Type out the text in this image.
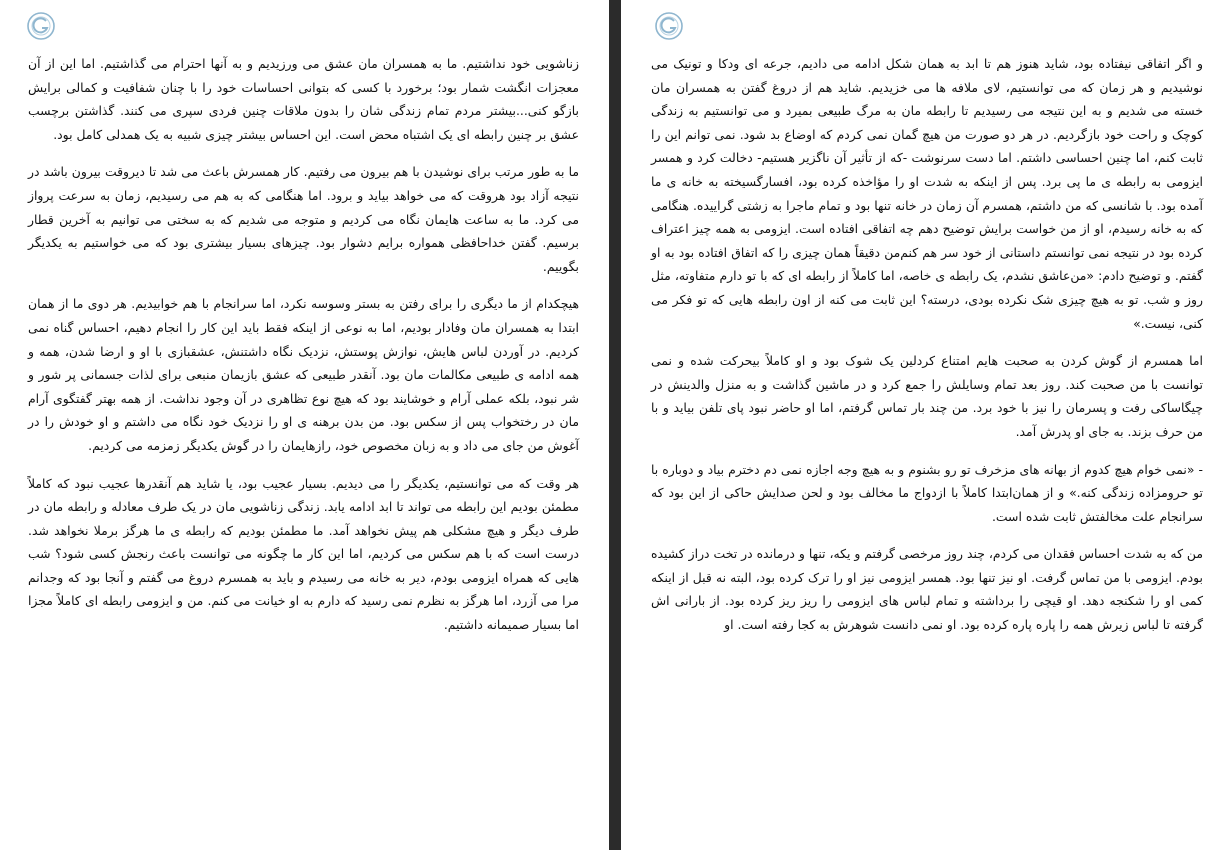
زناشویی خود نداشتیم. ما به همسران مان عشق می ورزیدیم و به آنها احترام می گذاشتیم. اما این از آن معجزات انگشت شمار بود؛ برخورد با کسی که بتوانی احساسات خود را با چنان شفافیت و کمالی برایش بازگو کنی...بیشتر مردم تمام زندگی شان را بدون ملاقات چنین فردی سپری می کنند. گذاشتن برچسب عشق بر چنین رابطه ای یک اشتباه محض است. این احساس بیشتر چیزی شبیه به یک همدلی کامل بود.

ما به طور مرتب برای نوشیدن با هم بیرون می رفتیم. کار همسرش باعث می شد تا دیروقت بیرون باشد در نتیجه آزاد بود هروقت که می خواهد بیاید و برود. اما هنگامی که به هم می رسیدیم، زمان به سرعت پرواز می کرد. ما به ساعت هایمان نگاه می کردیم و متوجه می شدیم که به سختی می توانیم به آخرین قطار برسیم. گفتن خداحافظی همواره برایم دشوار بود. چیزهای بسیار بیشتری بود که می خواستیم به یکدیگر بگوییم.

هیچکدام از ما دیگری را برای رفتن به بستر وسوسه نکرد، اما سرانجام با هم خوابیدیم. هر دوی ما از همان ابتدا به همسران مان وفادار بودیم، اما به نوعی از اینکه فقط باید این کار را انجام دهیم، احساس گناه نمی کردیم. در آوردن لباس هایش، نوازش پوستش، نزدیک نگاه داشتنش، عشقبازی با او و ارضا شدن، همه و همه ادامه ی طبیعی مکالمات مان بود. آنقدر طبیعی که عشق بازیمان منبعی برای لذات جسمانی پر شور و شر نبود، بلکه عملی آرام و خوشایند بود که هیچ نوع تظاهری در آن وجود نداشت. از همه بهتر گفتگوی آرام مان در رختخواب پس از سکس بود. من بدن برهنه ی او را نزدیک خود نگاه می داشتم و او خودش را در آغوش من جای می داد و به زبان مخصوص خود، رازهایمان را در گوش یکدیگر زمزمه می کردیم.

هر وقت که می توانستیم، یکدیگر را می دیدیم. بسیار عجیب بود، یا شاید هم آنقدرها عجیب نبود که کاملاً مطمئن بودیم این رابطه می تواند تا ابد ادامه یابد. زندگی زناشویی مان در یک طرف معادله و رابطه مان در طرف دیگر و هیچ مشکلی هم پیش نخواهد آمد. ما مطمئن بودیم که رابطه ی ما هرگز برملا نخواهد شد. درست است که با هم سکس می کردیم، اما این کار ما چگونه می توانست باعث رنجش کسی شود؟ شب هایی که همراه ایزومی بودم، دیر به خانه می رسیدم و باید به همسرم دروغ می گفتم و آنجا بود که وجدانم مرا می آزرد، اما هرگز به نظرم نمی رسید که دارم به او خیانت می کنم. من و ایزومی رابطه ای کاملاً مجزا اما بسیار صمیمانه داشتیم.

و اگر اتفاقی نیفتاده بود، شاید هنوز هم تا ابد به همان شکل ادامه می دادیم، جرعه ای ودکا و تونیک می نوشیدیم و هر زمان که می توانستیم، لای ملافه ها می خزیدیم. شاید هم از دروغ گفتن به همسران مان خسته می شدیم و به این نتیجه می رسیدیم تا رابطه مان به مرگ طبیعی بمیرد و می توانستیم به زندگی کوچک و راحت خود بازگردیم. در هر دو صورت من هیچ گمان نمی کردم که اوضاع بد شود. نمی توانم این را ثابت کنم، اما چنین احساسی داشتم. اما دست سرنوشت -که از تأثیر آن ناگزیر هستیم- دخالت کرد و همسر ایزومی به رابطه ی ما پی برد. پس از اینکه به شدت او را مؤاخذه کرده بود، افسارگسیخته به خانه ی ما آمده بود. با شانسی که من داشتم، همسرم آن زمان در خانه تنها بود و تمام ماجرا به زشتی گراییده. هنگامی که به خانه رسیدم، او از من خواست برایش توضیح دهم چه اتفاقی افتاده است. ایزومی به همه چیز اعتراف کرده بود در نتیجه نمی توانستم داستانی از خود سر هم کنم‌من دقیقاً همان چیزی را که اتفاق افتاده بود به او گفتم. و توضیح دادم: «من‌عاشق نشدم، یک رابطه ی خاصه، اما کاملاً از رابطه ای که با تو دارم متفاوته، مثل روز و شب. تو به هیچ چیزی شک نکرده بودی، درسته؟ این ثابت می کنه از اون رابطه هایی که تو فکر می کنی، نیست.»

اما همسرم از گوش کردن به صحبت هایم امتناع کردلین یک شوک بود و او کاملاً بیحرکت شده و نمی توانست با من صحبت کند. روز بعد تمام وسایلش را جمع کرد و در ماشین گذاشت و به منزل والدینش در چیگاساکی رفت و پسرمان را نیز با خود برد. من چند بار تماس گرفتم، اما او حاضر نبود پای تلفن بیاید و با من حرف بزند. به جای او پدرش آمد.

- «نمی خوام هیچ کدوم از بهانه های مزخرف تو رو بشنوم و به هیچ وجه اجازه نمی دم دخترم بیاد و دوباره با تو حرومزاده زندگی کنه.» و از همان‌ابتدا کاملاً با ازدواج ما مخالف بود و لحن صدایش حاکی از این بود که سرانجام علت مخالفتش ثابت شده است.

من که به شدت احساس فقدان می کردم، چند روز مرخصی گرفتم و یکه، تنها و درمانده در تخت دراز کشیده بودم. ایزومی با من تماس گرفت. او نیز تنها بود. همسر ایزومی نیز او را ترک کرده بود، البته نه قبل از اینکه کمی او را شکنجه دهد. او قیچی را برداشته و تمام لباس های ایزومی را ریز ریز کرده بود. از بارانی اش گرفته تا لباس زیرش همه را پاره پاره کرده بود. او نمی دانست شوهرش به کجا رفته است. او
